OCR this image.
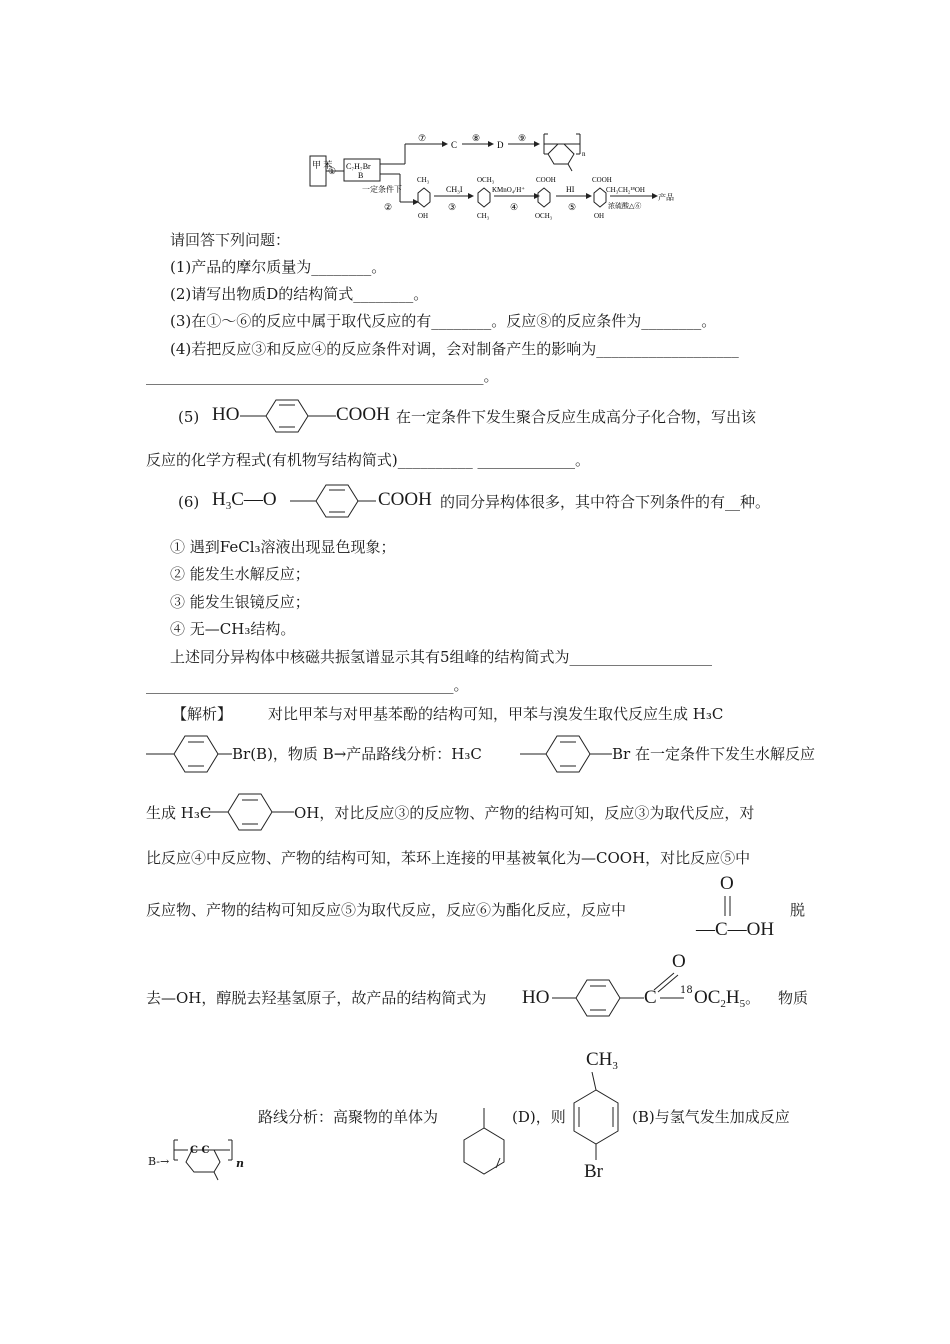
甲 苯
① C₇H₇Br
B
⑦
C
⑧
D
⑨
n
一定条件下
②
CH₃
OH
CH₃I
③
OCH₃
CH₃
KMnO₄/H⁺
④
COOH
OCH₃
HI
⑤
COOH
OH
CH₃CH₂¹⁸OH
浓硫酸△⑥
产品
请回答下列问题：
(1)产品的摩尔质量为________。
(2)请写出物质D的结构简式________。
(3)在①～⑥的反应中属于取代反应的有________。反应⑧的反应条件为________。
(4)若把反应③和反应④的反应条件对调，会对制备产生的影响为___________________
_____________________________________________。
(5) HO	COOH 在一定条件下发生聚合反应生成高分子化合物，写出该
反应的化学方程式(有机物写结构简式)__________ _____________。
(6) $H_3C—O$	COOH 的同分异构体很多，其中符合下列条件的有__种。
① 遇到FeCl₃溶液出现显色现象；
② 能发生水解反应；
③ 能发生银镜反应；
④ 无—CH₃结构。
上述同分异构体中核磁共振氢谱显示其有5组峰的结构简式为___________________
_________________________________________。
【解析】 对比甲苯与对甲基苯酚的结构可知，甲苯与溴发生取代反应生成 H₃C
Br(B)，物质 B→产品路线分析：H₃C	Br 在一定条件下发生水解反应
生成 H₃C	OH，对比反应③的反应物、产物的结构可知，反应③为取代反应，对
比反应④中反应物、产物的结构可知，苯环上连接的甲基被氧化为—COOH，对比反应⑤中
反应物、产物的结构可知反应⑤为取代反应，反应⑥为酯化反应，反应中
O
—C—OH
脱
去—OH，醇脱去羟基氢原子，故产品的结构简式为 HO
O
C 18 $OC_2H_5$。 物质
路线分析：高聚物的单体为	(D)，则
$CH_3$
Br
(B)与氢气发生加成反应
B-→
C C
n
